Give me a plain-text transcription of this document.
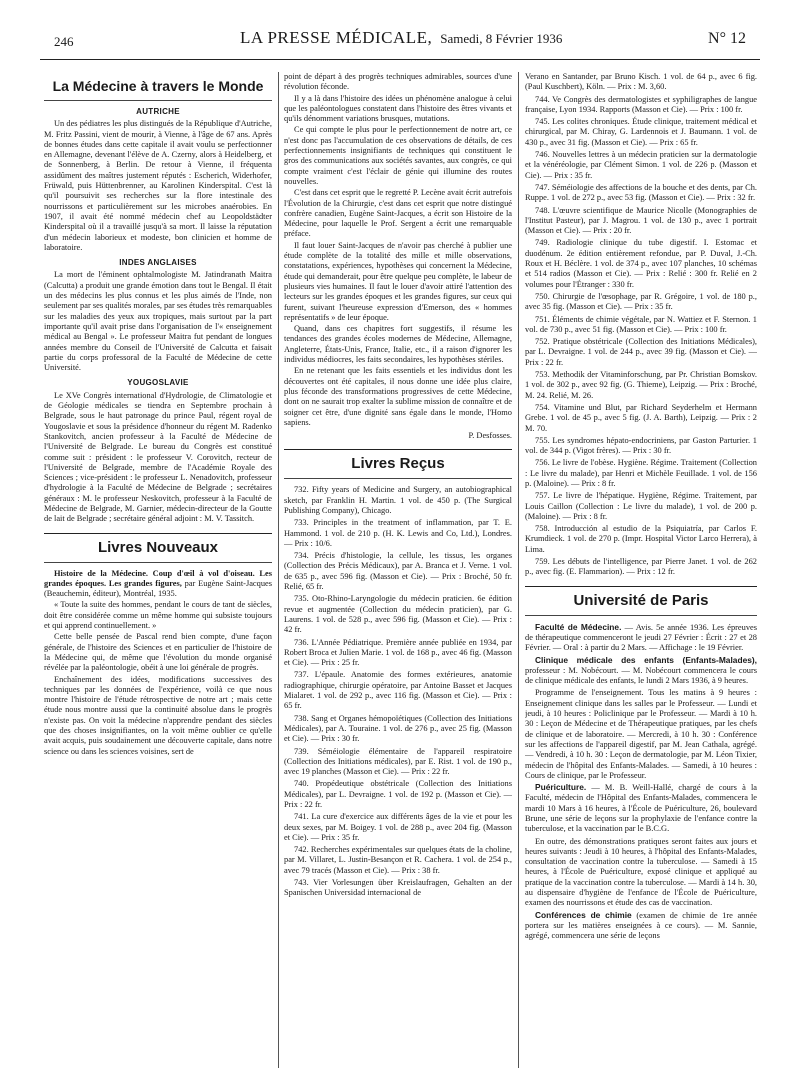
246	LA PRESSE MÉDICALE, Samedi, 8 Février 1936	N° 12
La Médecine à travers le Monde
AUTRICHE

Un des pédiatres les plus distingués de la République d'Autriche, M. Fritz Passini, vient de mourir, à Vienne, à l'âge de 67 ans. Après de bonnes études dans cette capitale il avait voulu se perfectionner en Allemagne, devenant l'élève de A. Czerny, alors à Heidelberg, et de Sonnenberg, à Berlin. De retour à Vienne, il fréquenta assidûment des maîtres justement réputés : Escherich, Widerhofer, Früwald, puis Hüttenbrenner, au Karolinen Kinderspital. C'est là qu'il poursuivit ses recherches sur la flore intestinale des nourrissons et particulièrement sur les microbes anaérobies. En 1907, il avait été nommé médecin chef au Leopoldstädter Kinderspital où il a travaillé jusqu'à sa mort. Il laisse la réputation d'un médecin laborieux et modeste, bon clinicien et homme de laboratoire.

INDES ANGLAISES

La mort de l'éminent ophtalmologiste M. Jatindranath Maitra (Calcutta) a produit une grande émotion dans tout le Bengal. Il était un des médecins les plus connus et les plus aimés de l'Inde, non seulement par ses qualités morales, par ses études très remarquables sur les maladies des yeux aux tropiques, mais surtout par la part importante qu'il avait prise dans l'organisation de l'« enseignement médical au Bengal ». Le professeur Maitra fut pendant de longues années membre du Conseil de l'Université de Calcutta et faisait partie du corps professoral de la Faculté de Médecine de cette Université.

YOUGOSLAVIE

Le XVe Congrès international d'Hydrologie, de Climatologie et de Géologie médicales se tiendra en Septembre prochain à Belgrade, sous le haut patronage du prince Paul, régent royal de Yougoslavie et sous la présidence d'honneur du régent M. Radenko Stankovitch, ancien professeur à la Faculté de Médecine de l'Université de Belgrade. Le bureau du Congrès est constitué comme suit : président : le professeur V. Corovitch, recteur de l'Université de Belgrade, membre de l'Académie Royale des Sciences ; vice-président : le professeur L. Nenadovitch, professeur d'hydrologie à la Faculté de Médecine de Belgrade ; secrétaires généraux : M. le professeur Neskovitch, professeur à la Faculté de Médecine de Belgrade, M. Garnier, médecin-directeur de la Goutte de lait de Belgrade ; secrétaire général adjoint : M. V. Tassitch.

Livres Nouveaux

Histoire de la Médecine. Coup d'œil à vol d'oiseau. Les grandes époques. Les grandes figures, par Eugène Saint-Jacques (Beauchemin, éditeur), Montréal, 1935.

« Toute la suite des hommes, pendant le cours de tant de siècles, doit être considérée comme un même homme qui subsiste toujours et qui apprend continuellement. »

Cette belle pensée de Pascal rend bien compte, d'une façon générale, de l'histoire des Sciences et en particulier de l'histoire de la Médecine qui, de même que l'évolution du monde organisé révélée par la paléontologie, obéit à une loi générale de progrès.

Enchaînement des idées, modifications successives des techniques par les données de l'expérience, voilà ce que nous montre l'histoire de l'étude rétrospective de notre art ; mais cette étude nous montre aussi que la continuité absolue dans le progrès n'existe pas. On voit la médecine n'apprendre pendant des siècles que des choses insignifiantes, on la voit même oublier ce qu'elle avait acquis, puis soudainement une découverte capitale, dans notre science ou dans les sciences voisines, sert de

point de départ à des progrès techniques admirables, sources d'une révolution féconde.

Il y a là dans l'histoire des idées un phénomène analogue à celui que les paléontologues constatent dans l'histoire des êtres vivants et qu'ils dénomment variations brusques, mutations.

Ce qui compte le plus pour le perfectionnement de notre art, ce n'est donc pas l'accumulation de ces observations de détails, de ces perfectionnements insignifiants de techniques qui constituent le gros des communications aux sociétés savantes, aux congrès, ce qui compte vraiment c'est l'éclair de génie qui illumine des routes nouvelles.

C'est dans cet esprit que le regretté P. Lecène avait écrit autrefois l'Évolution de la Chirurgie, c'est dans cet esprit que notre distingué confrère canadien, Eugène Saint-Jacques, a écrit son Histoire de la Médecine, pour laquelle le Prof. Sergent a écrit une remarquable préface.

Il faut louer Saint-Jacques de n'avoir pas cherché à publier une étude complète de la totalité des mille et mille observations, constatations, expériences, hypothèses qui concernent la Médecine, étude qui demanderait, pour être quelque peu complète, le labeur de plusieurs vies humaines. Il faut le louer d'avoir attiré l'attention des lecteurs sur les grandes époques et les grandes figures, sur ceux qui furent, suivant l'heureuse expression d'Emerson, des « hommes représentatifs » de leur époque.

Quand, dans ces chapitres fort suggestifs, il résume les tendances des grandes écoles modernes de Médecine, Allemagne, Angleterre, États-Unis, France, Italie, etc., il a raison d'ignorer les individus médiocres, les faits secondaires, les hypothèses stériles.

En ne retenant que les faits essentiels et les individus dont les découvertes ont été capitales, il nous donne une idée plus claire, plus féconde des transformations progressives de cette Médecine, dont on ne saurait trop exalter la sublime mission de connaître et de soigner cet être, d'une dignité sans égale dans le monde, l'Homo sapiens.

P. Desfosses.
Livres Reçus

732. Fifty years of Medicine and Surgery, an autobiographical sketch, par Franklin H. Martin. 1 vol. de 450 p. (The Surgical Publishing Company), Chicago.

733. Principles in the treatment of inflammation, par T. E. Hammond. 1 vol. de 210 p. (H. K. Lewis and Co, Ltd.), Londres. — Prix : 10/6.

734. Précis d'histologie, la cellule, les tissus, les organes (Collection des Précis Médicaux), par A. Branca et J. Verne. 1 vol. de 635 p., avec 596 fig. (Masson et Cie). — Prix : Broché, 50 fr. Relié, 65 fr.

735. Oto-Rhino-Laryngologie du médecin praticien. 6e édition revue et augmentée (Collection du médecin praticien), par G. Laurens. 1 vol. de 528 p., avec 596 fig. (Masson et Cie). — Prix : 42 fr.

736. L'Année Pédiatrique. Première année publiée en 1934, par Robert Broca et Julien Marie. 1 vol. de 168 p., avec 46 fig. (Masson et Cie). — Prix : 25 fr.

737. L'épaule. Anatomie des formes extérieures, anatomie radiographique, chirurgie opératoire, par Antoine Basset et Jacques Mialaret. 1 vol. de 292 p., avec 116 fig. (Masson et Cie). — Prix : 65 fr.

738. Sang et Organes hémopoïétiques (Collection des Initiations Médicales), par A. Touraine. 1 vol. de 276 p., avec 25 fig. (Masson et Cie). — Prix : 30 fr.

739. Séméiologie élémentaire de l'appareil respiratoire (Collection des Initiations médicales), par E. Rist. 1 vol. de 190 p., avec 19 planches (Masson et Cie). — Prix : 22 fr.

740. Propédeutique obstétricale (Collection des Initiations Médicales), par L. Devraigne. 1 vol. de 192 p. (Masson et Cie). — Prix : 22 fr.

741. La cure d'exercice aux différents âges de la vie et pour les deux sexes, par M. Boigey. 1 vol. de 288 p., avec 204 fig. (Masson et Cie). — Prix : 35 fr.

742. Recherches expérimentales sur quelques états de la choline, par M. Villaret, L. Justin-Besançon et R. Cachera. 1 vol. de 254 p., avec 79 tracés (Masson et Cie). — Prix : 38 fr.

743. Vier Vorlesungen über Kreislaufragen, Gehalten an der Spanischen Universidad internacional de

Verano en Santander, par Bruno Kisch. 1 vol. de 64 p., avec 6 fig. (Paul Kuschbert), Köln. — Prix : M. 3,60.

744. Ve Congrès des dermatologistes et syphiligraphes de langue française, Lyon 1934. Rapports (Masson et Cie). — Prix : 100 fr.

745. Les colites chroniques. Étude clinique, traitement médical et chirurgical, par M. Chiray, G. Lardennois et J. Baumann. 1 vol. de 430 p., avec 31 fig. (Masson et Cie). — Prix : 65 fr.

746. Nouvelles lettres à un médecin praticien sur la dermatologie et la vénéréologie, par Clément Simon. 1 vol. de 226 p. (Masson et Cie). — Prix : 35 fr.

747. Séméiologie des affections de la bouche et des dents, par Ch. Ruppe. 1 vol. de 272 p., avec 53 fig. (Masson et Cie). — Prix : 32 fr.

748. L'œuvre scientifique de Maurice Nicolle (Monographies de l'Institut Pasteur), par J. Magrou. 1 vol. de 130 p., avec 1 portrait (Masson et Cie). — Prix : 20 fr.

749. Radiologie clinique du tube digestif. I. Estomac et duodénum. 2e édition entièrement refondue, par P. Duval, J.-Ch. Roux et H. Béclère. 1 vol. de 374 p., avec 107 planches, 10 schémas et 514 radios (Masson et Cie). — Prix : Relié : 300 fr. Relié en 2 volumes pour l'Étranger : 330 fr.

750. Chirurgie de l'œsophage, par R. Grégoire, 1 vol. de 180 p., avec 35 fig. (Masson et Cie). — Prix : 35 fr.

751. Éléments de chimie végétale, par N. Wattiez et F. Sternon. 1 vol. de 730 p., avec 51 fig. (Masson et Cie). — Prix : 100 fr.

752. Pratique obstétricale (Collection des Initiations Médicales), par L. Devraigne. 1 vol. de 244 p., avec 39 fig. (Masson et Cie). — Prix : 22 fr.

753. Methodik der Vitaminforschung, par Pr. Christian Bomskov. 1 vol. de 302 p., avec 92 fig. (G. Thieme), Leipzig. — Prix : Broché, M. 24. Relié, M. 26.

754. Vitamine und Blut, par Richard Seyderhelm et Hermann Grebe. 1 vol. de 45 p., avec 5 fig. (J. A. Barth), Leipzig. — Prix : 2 M. 70.

755. Les syndromes hépato-endocriniens, par Gaston Parturier. 1 vol. de 344 p. (Vigot frères). — Prix : 30 fr.

756. Le livre de l'obèse. Hygiène. Régime. Traitement (Collection : Le livre du malade), par Henri et Michèle Feuillade. 1 vol. de 156 p. (Maloine). — Prix : 8 fr.

757. Le livre de l'hépatique. Hygiène, Régime. Traitement, par Louis Caillon (Collection : Le livre du malade), 1 vol. de 200 p. (Maloine). — Prix : 8 fr.

758. Introducción al estudio de la Psiquiatría, par Carlos F. Krumdieck. 1 vol. de 270 p. (Impr. Hospital Victor Larco Herrera), à Lima.

759. Les débuts de l'intelligence, par Pierre Janet. 1 vol. de 262 p., avec fig. (E. Flammarion). — Prix : 12 fr.

Université de Paris

Faculté de Médecine. — Avis. 5e année 1936. Les épreuves de thérapeutique commenceront le jeudi 27 Février : Écrit : 27 et 28 Février. — Oral : à partir du 2 Mars. — Affichage : le 19 Février.

Clinique médicale des enfants (Enfants-Malades), professeur : M. Nobécourt. — M. Nobécourt commencera le cours de clinique médicale des enfants, le lundi 2 Mars 1936, à 9 heures.

Programme de l'enseignement. Tous les matins à 9 heures : Enseignement clinique dans les salles par le Professeur. — Lundi et jeudi, à 10 heures : Policlinique par le Professeur. — Mardi à 10 h. 30 : Leçon de Médecine et de Thérapeutique pratiques, par les chefs de clinique et de laboratoire. — Mercredi, à 10 h. 30 : Conférence sur les affections de l'appareil digestif, par M. Jean Cathala, agrégé. — Vendredi, à 10 h. 30 : Leçon de dermatologie, par M. Léon Tixier, médecin de l'hôpital des Enfants-Malades. — Samedi, à 10 heures : Cours de clinique, par le Professeur.

Puériculture. — M. B. Weill-Hallé, chargé de cours à la Faculté, médecin de l'Hôpital des Enfants-Malades, commencera le mardi 10 Mars à 16 heures, à l'École de Puériculture, 26, boulevard Brune, une série de leçons sur la prophylaxie de l'enfance contre la tuberculose, et la vaccination par le B.C.G.

En outre, des démonstrations pratiques seront faites aux jours et heures suivants : Jeudi à 10 heures, à l'hôpital des Enfants-Malades, consultation de vaccination contre la tuberculose. — Samedi à 15 heures, à l'École de Puériculture, exposé clinique et appliqué au pratique de la vaccination contre la tuberculose. — Mardi à 14 h. 30, au dispensaire d'hygiène de l'enfance de l'École de Puériculture, examen des nourrissons et étude des cas de vaccination.

Conférences de chimie (examen de chimie de 1re année portera sur les matières enseignées à ce cours). — M. Sannie, agrégé, commencera une série de leçons
